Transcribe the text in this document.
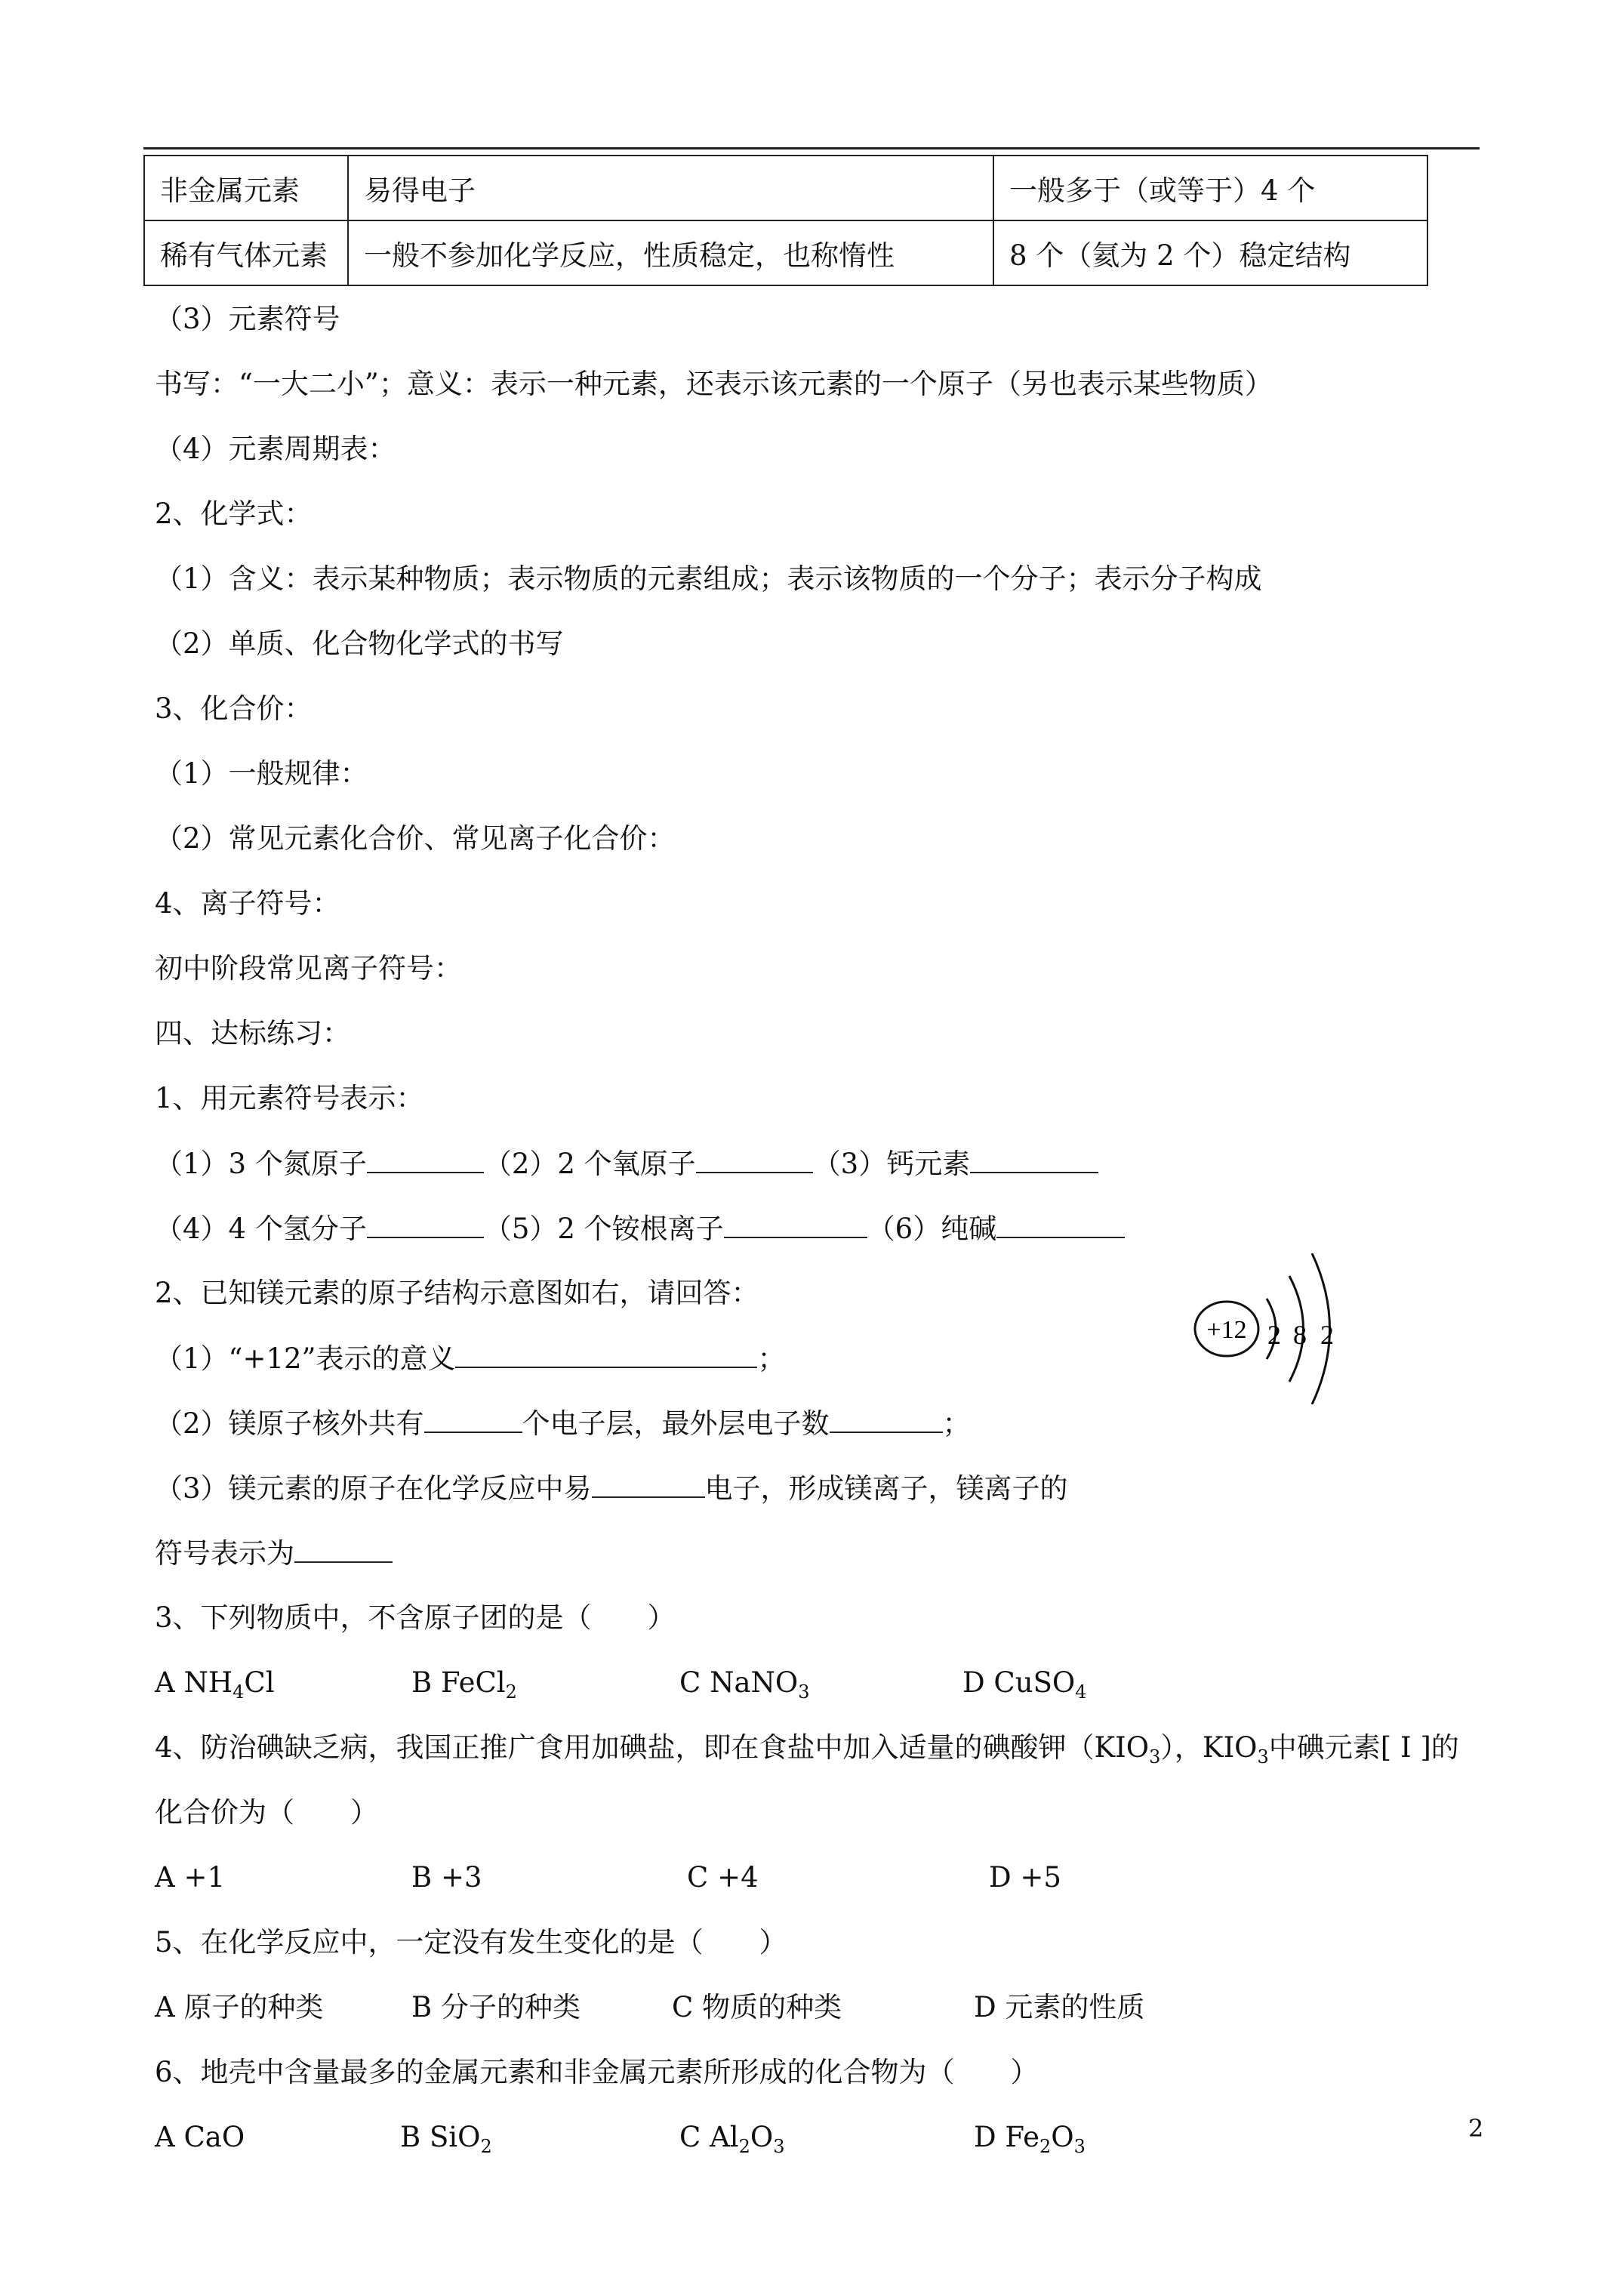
非金属元素	易得电子	一般多于（或等于）4 个
稀有气体元素	一般不参加化学反应，性质稳定，也称惰性	8 个（氦为 2 个）稳定结构
（3）元素符号
书写：“一大二小”；意义：表示一种元素，还表示该元素的一个原子（另也表示某些物质）
（4）元素周期表：
2、化学式：
（1）含义：表示某种物质；表示物质的元素组成；表示该物质的一个分子；表示分子构成
（2）单质、化合物化学式的书写
3、化合价：
（1）一般规律：
（2）常见元素化合价、常见离子化合价：
4、离子符号：
初中阶段常见离子符号：
四、达标练习：
1、用元素符号表示：
（1）3 个氮原子	（2）2 个氧原子	（3）钙元素
（4）4 个氢分子	（5）2 个铵根离子	（6）纯碱
2、已知镁元素的原子结构示意图如右，请回答：
（1）“+12”表示的意义	；
（2）镁原子核外共有	个电子层，最外层电子数	；
（3）镁元素的原子在化学反应中易	电子，形成镁离子，镁离子的
符号表示为
+12 2 8 2
3、下列物质中，不含原子团的是（　　）
A $NH_4Cl$	B FeCl$_2$	C NaNO$_3$	D CuSO$_4$
4、防治碘缺乏病，我国正推广食用加碘盐，即在食盐中加入适量的碘酸钾$(KIO_3)$，$KIO_3$中碘元素[ I ]的
化合价为（　　）
A +1	B +3	C +4	D +5
5、在化学反应中，一定没有发生变化的是（　　）
A 原子的种类	B 分子的种类	C 物质的种类	D 元素的性质
6、地壳中含量最多的金属元素和非金属元素所形成的化合物为（　　）
A CaO	B SiO$_2$	C $Al_2O_3$	D $Fe_2O_3$
2
